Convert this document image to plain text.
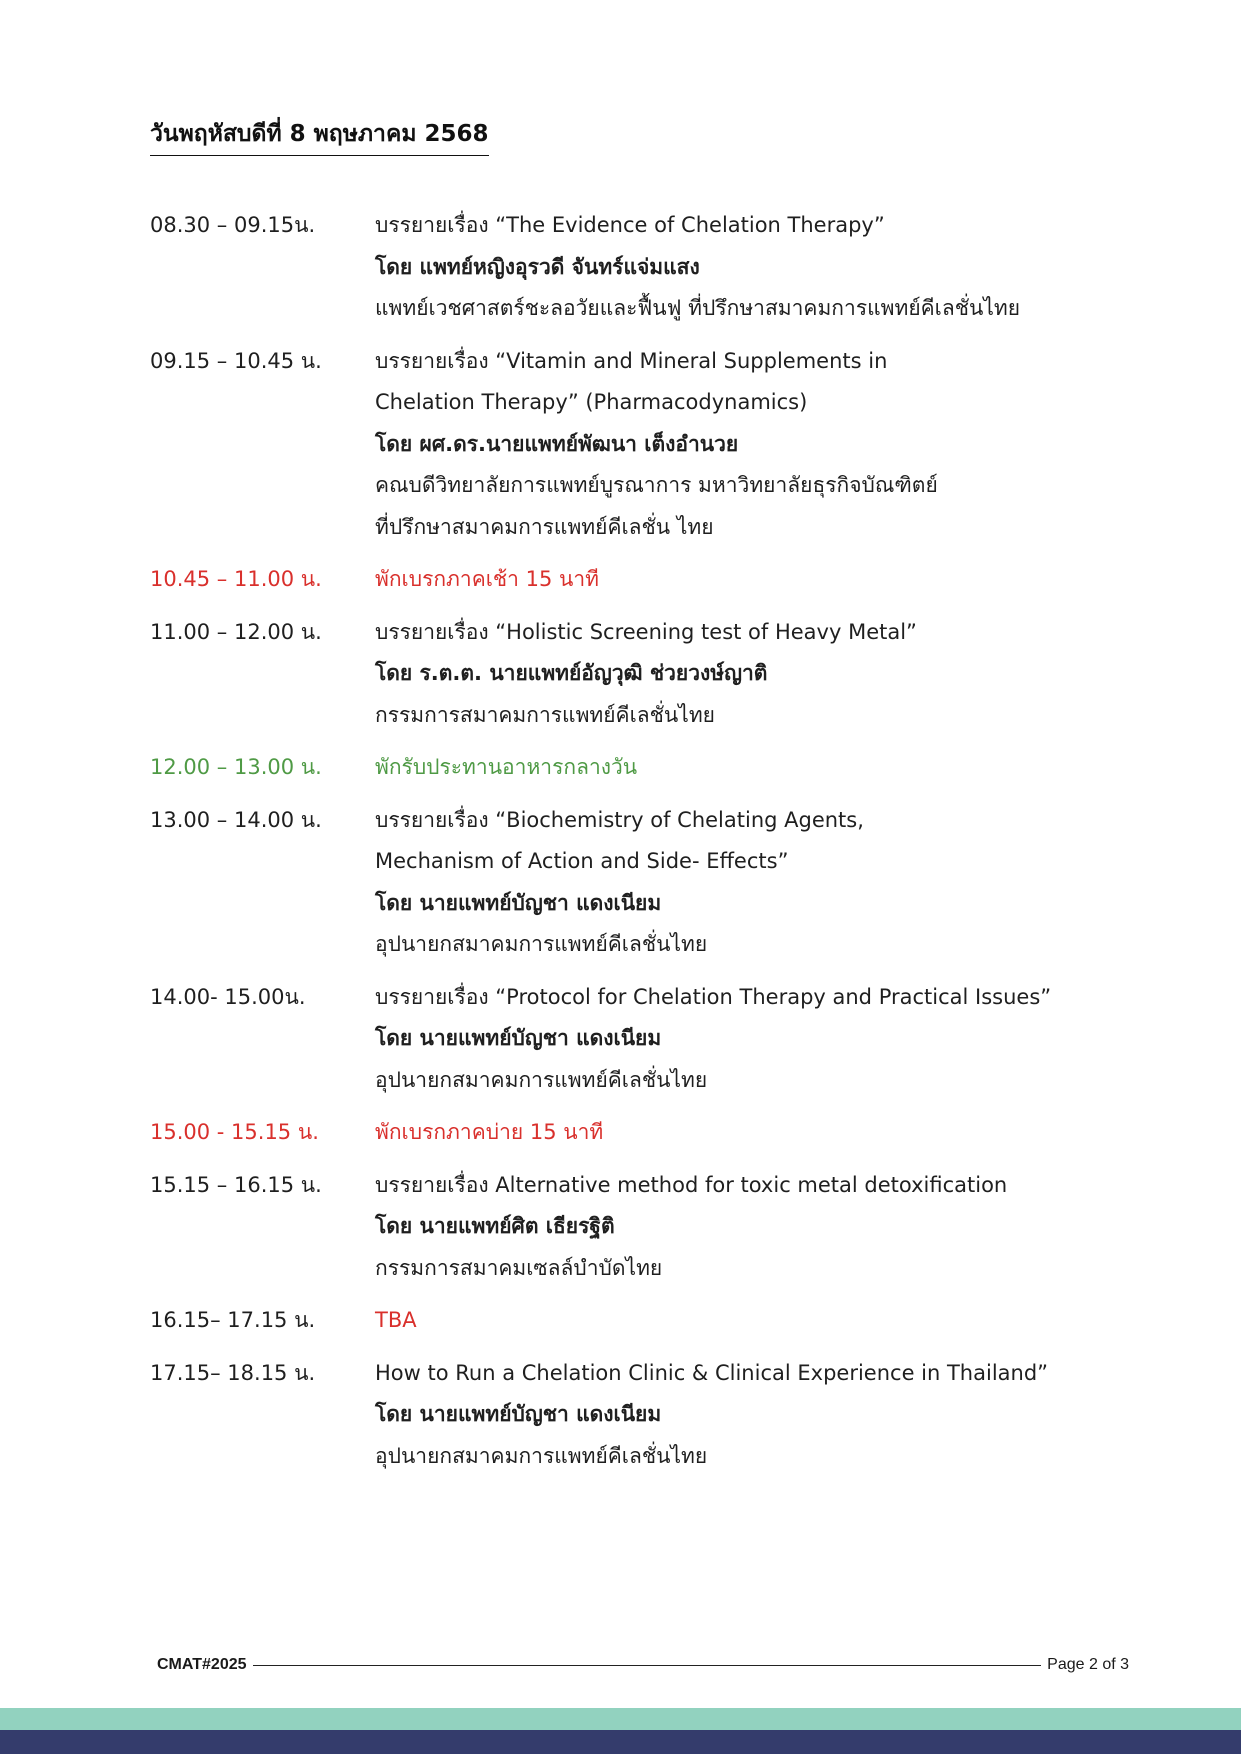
วันพฤหัสบดีที่ 8 พฤษภาคม 2568
08.30 – 09.15น.	บรรยายเรื่อง “The Evidence of Chelation Therapy”
โดย แพทย์หญิงอุรวดี จันทร์แจ่มแสง
แพทย์เวชศาสตร์ชะลอวัยและฟื้นฟู ที่ปรึกษาสมาคมการแพทย์คีเลชั่นไทย
09.15 – 10.45 น.	บรรยายเรื่อง “Vitamin and Mineral Supplements in
Chelation Therapy” (Pharmacodynamics)
โดย ผศ.ดร.นายแพทย์พัฒนา เต็งอำนวย
คณบดีวิทยาลัยการแพทย์บูรณาการ มหาวิทยาลัยธุรกิจบัณฑิตย์
ที่ปรึกษาสมาคมการแพทย์คีเลชั่น ไทย
10.45 – 11.00 น.	พักเบรกภาคเช้า 15 นาที
11.00 – 12.00 น.	บรรยายเรื่อง “Holistic Screening test of Heavy Metal”
โดย ร.ต.ต. นายแพทย์อัญวุฒิ ช่วยวงษ์ญาติ
กรรมการสมาคมการแพทย์คีเลชั่นไทย
12.00 – 13.00 น.	พักรับประทานอาหารกลางวัน
13.00 – 14.00 น.	บรรยายเรื่อง “Biochemistry of Chelating Agents,
Mechanism of Action and Side- Effects”
โดย นายแพทย์บัญชา แดงเนียม
อุปนายกสมาคมการแพทย์คีเลชั่นไทย
14.00- 15.00น.	บรรยายเรื่อง “Protocol for Chelation Therapy and Practical Issues”
โดย นายแพทย์บัญชา แดงเนียม
อุปนายกสมาคมการแพทย์คีเลชั่นไทย
15.00 - 15.15 น.	พักเบรกภาคบ่าย 15 นาที
15.15 – 16.15 น.	บรรยายเรื่อง Alternative method for toxic metal detoxification
โดย นายแพทย์ศิต เธียรฐิติ
กรรมการสมาคมเซลล์บำบัดไทย
16.15– 17.15 น.	TBA
17.15– 18.15 น.	How to Run a Chelation Clinic & Clinical Experience in Thailand”
โดย นายแพทย์บัญชา แดงเนียม
อุปนายกสมาคมการแพทย์คีเลชั่นไทย
CMAT#2025	Page 2 of 3
